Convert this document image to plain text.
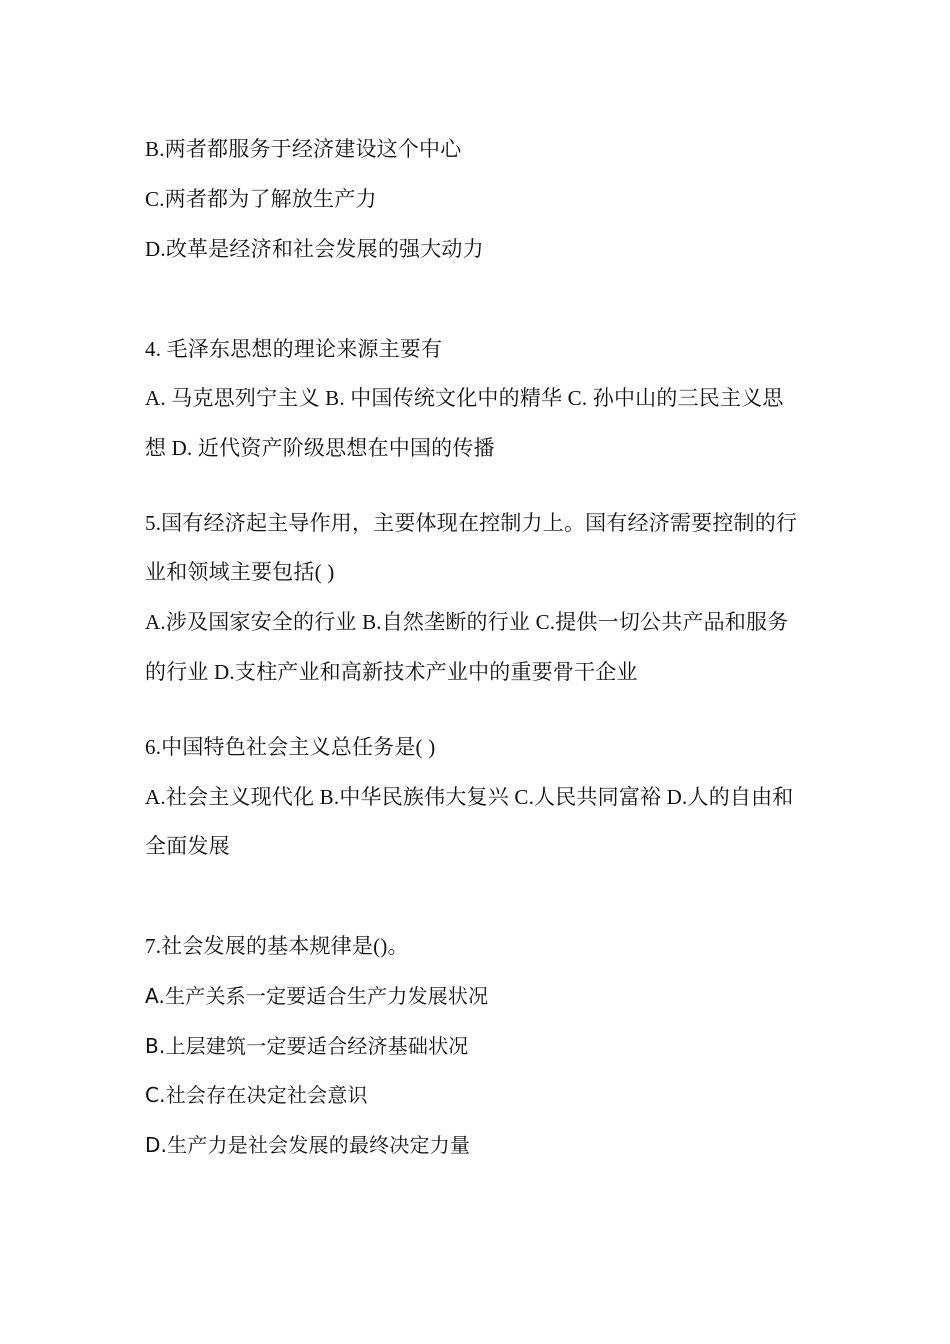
B.两者都服务于经济建设这个中心
C.两者都为了解放生产力
D.改革是经济和社会发展的强大动力
4. 毛泽东思想的理论来源主要有
A. 马克思列宁主义 B. 中国传统文化中的精华 C. 孙中山的三民主义思
想 D. 近代资产阶级思想在中国的传播
5.国有经济起主导作用，主要体现在控制力上。国有经济需要控制的行
业和领域主要包括( )
A.涉及国家安全的行业 B.自然垄断的行业 C.提供一切公共产品和服务
的行业 D.支柱产业和高新技术产业中的重要骨干企业
6.中国特色社会主义总任务是( )
A.社会主义现代化 B.中华民族伟大复兴 C.人民共同富裕 D.人的自由和
全面发展
7.社会发展的基本规律是()。
A.生产关系一定要适合生产力发展状况
B.上层建筑一定要适合经济基础状况
C.社会存在决定社会意识
D.生产力是社会发展的最终决定力量
